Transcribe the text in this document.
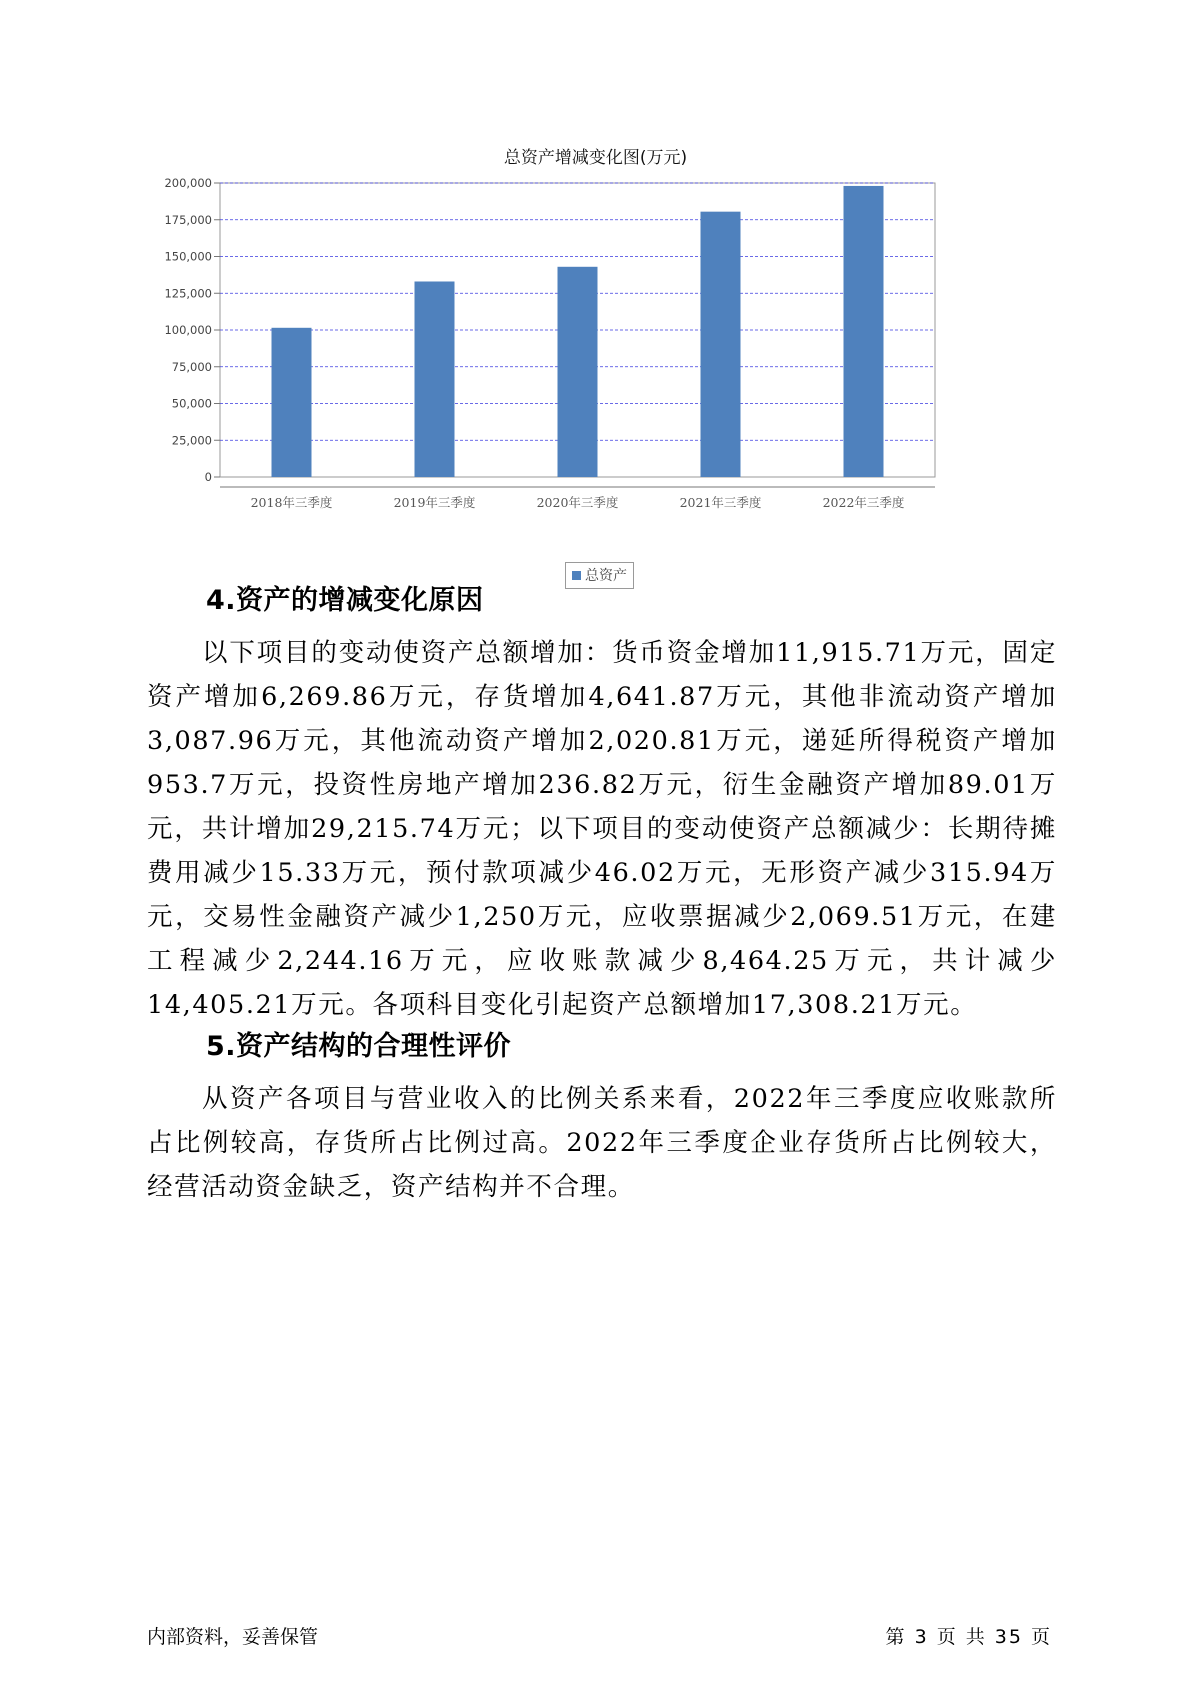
总资产增减变化图(万元)
0
25,000
50,000
75,000
100,000
125,000
150,000
175,000
200,000
2018年三季度	2019年三季度	2020年三季度	2021年三季度	2022年三季度
总资产
4.资产的增减变化原因

以下项目的变动使资产总额增加：货币资金增加11,915.71万元，固定资产增加6,269.86万元，存货增加4,641.87万元，其他非流动资产增加3,087.96万元，其他流动资产增加2,020.81万元，递延所得税资产增加953.7万元，投资性房地产增加236.82万元，衍生金融资产增加89.01万元，共计增加29,215.74万元；以下项目的变动使资产总额减少：长期待摊费用减少15.33万元，预付款项减少46.02万元，无形资产减少315.94万元，交易性金融资产减少1,250万元，应收票据减少2,069.51万元，在建工程减少2,244.16万元，应收账款减少8,464.25万元，共计减少14,405.21万元。各项科目变化引起资产总额增加17,308.21万元。

5.资产结构的合理性评价

从资产各项目与营业收入的比例关系来看，2022年三季度应收账款所占比例较高，存货所占比例过高。2022年三季度企业存货所占比例较大，经营活动资金缺乏，资产结构并不合理。

内部资料，妥善保管	第 3 页 共 35 页
